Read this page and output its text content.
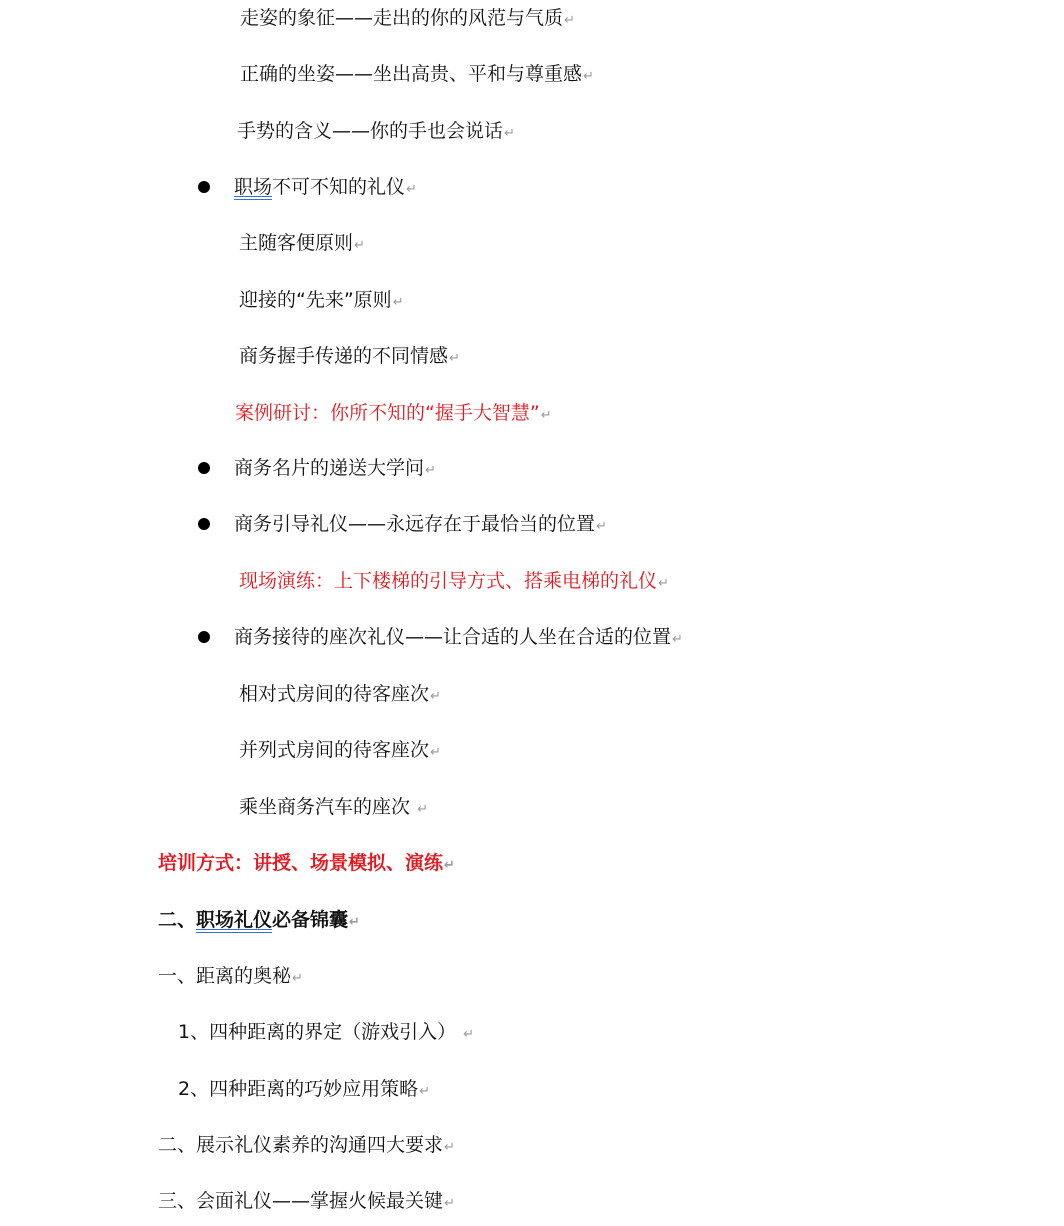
走姿的象征——走出的你的风范与气质↵
正确的坐姿——坐出高贵、平和与尊重感↵
手势的含义——你的手也会说话↵
职场不可不知的礼仪↵
主随客便原则↵
迎接的“先来”原则↵
商务握手传递的不同情感↵
案例研讨：你所不知的“握手大智慧”↵
商务名片的递送大学问↵
商务引导礼仪——永远存在于最恰当的位置↵
现场演练：上下楼梯的引导方式、搭乘电梯的礼仪↵
商务接待的座次礼仪——让合适的人坐在合适的位置↵
相对式房间的待客座次↵
并列式房间的待客座次↵
乘坐商务汽车的座次 ↵
培训方式：讲授、场景模拟、演练↵
二、职场礼仪必备锦囊↵
一、距离的奥秘↵
1、四种距离的界定（游戏引入） ↵
2、四种距离的巧妙应用策略↵
二、展示礼仪素养的沟通四大要求↵
三、会面礼仪——掌握火候最关键↵
